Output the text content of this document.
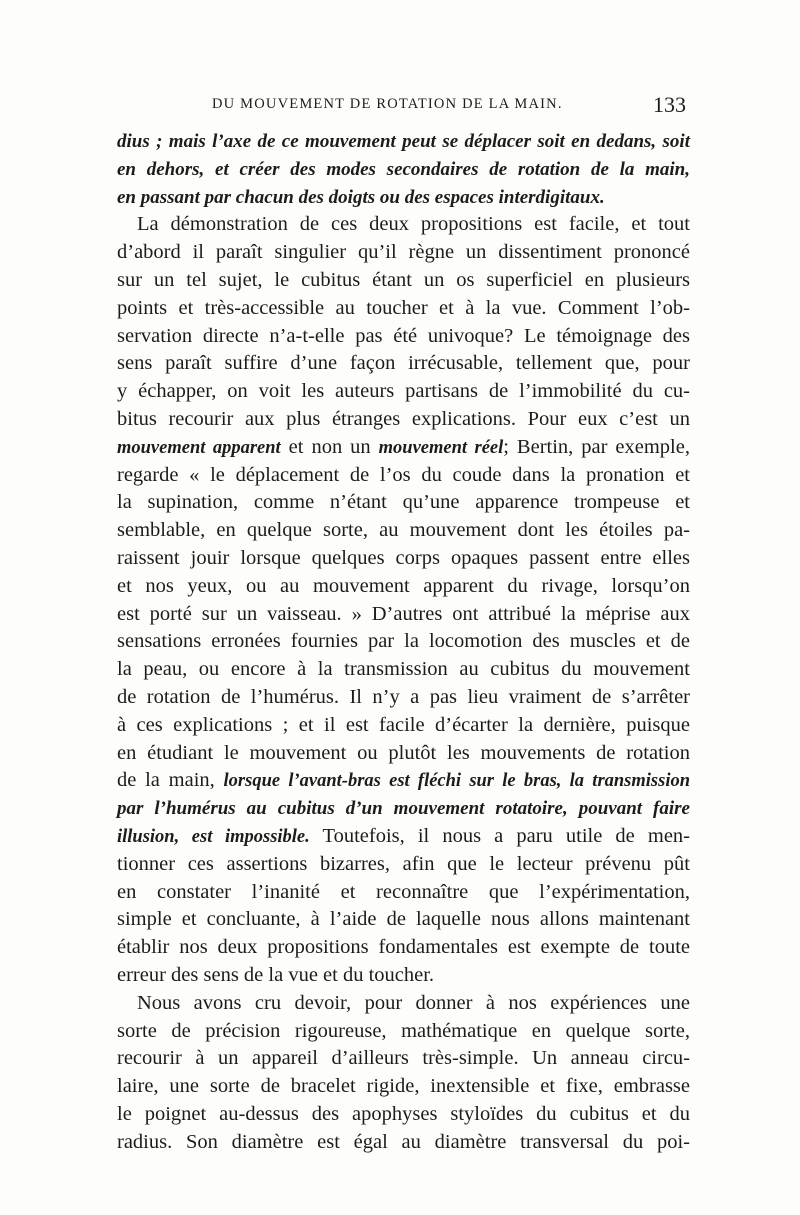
DU MOUVEMENT DE ROTATION DE LA MAIN.	133
dius ; mais l’axe de ce mouvement peut se déplacer soit en dedans, soit
en dehors, et créer des modes secondaires de rotation de la main,
en passant par chacun des doigts ou des espaces interdigitaux.
La démonstration de ces deux propositions est facile, et tout
d’abord il paraît singulier qu’il règne un dissentiment prononcé
sur un tel sujet, le cubitus étant un os superficiel en plusieurs
points et très-accessible au toucher et à la vue. Comment l’ob-
servation directe n’a-t-elle pas été univoque? Le témoignage des
sens paraît suffire d’une façon irrécusable, tellement que, pour
y échapper, on voit les auteurs partisans de l’immobilité du cu-
bitus recourir aux plus étranges explications. Pour eux c’est un
mouvement apparent et non un mouvement réel; Bertin, par exemple,
regarde « le déplacement de l’os du coude dans la pronation et
la supination, comme n’étant qu’une apparence trompeuse et
semblable, en quelque sorte, au mouvement dont les étoiles pa-
raissent jouir lorsque quelques corps opaques passent entre elles
et nos yeux, ou au mouvement apparent du rivage, lorsqu’on
est porté sur un vaisseau. » D’autres ont attribué la méprise aux
sensations erronées fournies par la locomotion des muscles et de
la peau, ou encore à la transmission au cubitus du mouvement
de rotation de l’humérus. Il n’y a pas lieu vraiment de s’arrêter
à ces explications ; et il est facile d’écarter la dernière, puisque
en étudiant le mouvement ou plutôt les mouvements de rotation
de la main, lorsque l’avant-bras est fléchi sur le bras, la transmission
par l’humérus au cubitus d’un mouvement rotatoire, pouvant faire
illusion, est impossible. Toutefois, il nous a paru utile de men-
tionner ces assertions bizarres, afin que le lecteur prévenu pût
en constater l’inanité et reconnaître que l’expérimentation,
simple et concluante, à l’aide de laquelle nous allons maintenant
établir nos deux propositions fondamentales est exempte de toute
erreur des sens de la vue et du toucher.
Nous avons cru devoir, pour donner à nos expériences une
sorte de précision rigoureuse, mathématique en quelque sorte,
recourir à un appareil d’ailleurs très-simple. Un anneau circu-
laire, une sorte de bracelet rigide, inextensible et fixe, embrasse
le poignet au-dessus des apophyses styloïdes du cubitus et du
radius. Son diamètre est égal au diamètre transversal du poi-
